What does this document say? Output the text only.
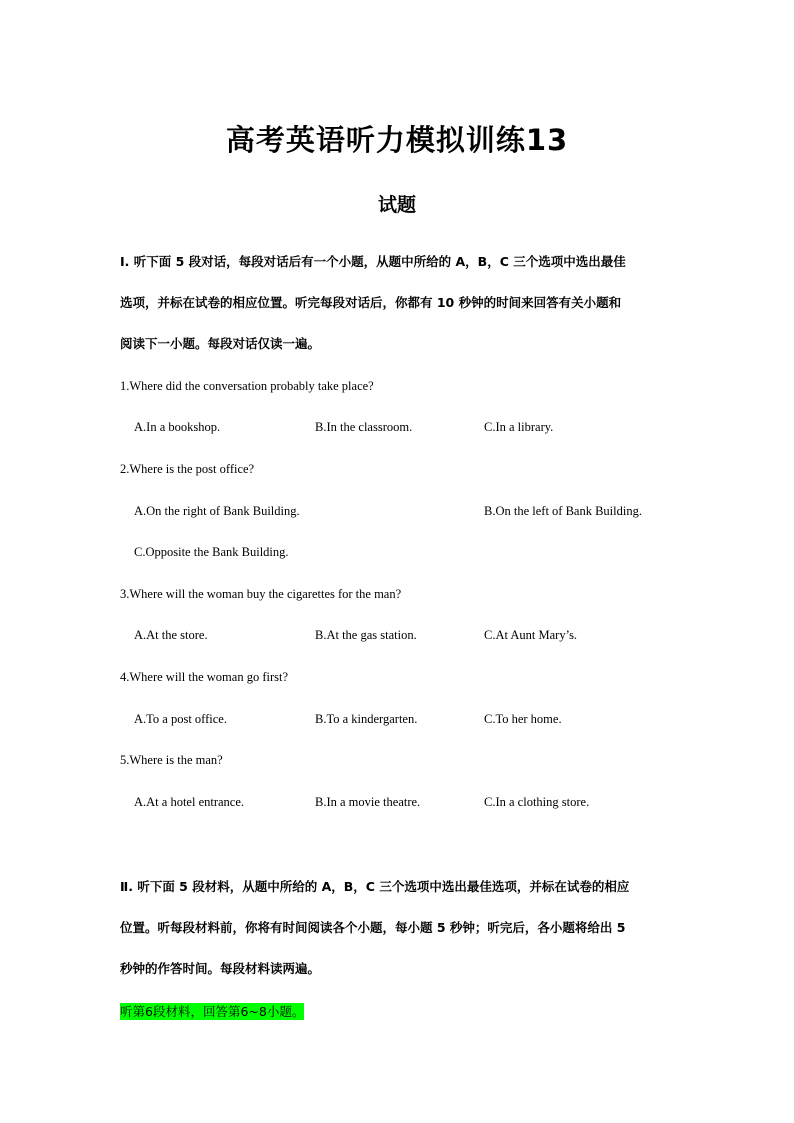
高考英语听力模拟训练13
试题
Ⅰ. 听下面 5 段对话，每段对话后有一个小题，从题中所给的 A，B，C 三个选项中选出最佳
选项，并标在试卷的相应位置。听完每段对话后，你都有 10 秒钟的时间来回答有关小题和
阅读下一小题。每段对话仅读一遍。
1.Where did the conversation probably take place?
A.In a bookshop.	B.In the classroom.	C.In a library.
2.Where is the post office?
A.On the right of Bank Building.	B.On the left of Bank Building.
C.Opposite the Bank Building.
3.Where will the woman buy the cigarettes for the man?
A.At the store.	B.At the gas station.	C.At Aunt Mary’s.
4.Where will the woman go first?
A.To a post office.	B.To a kindergarten.	C.To her home.
5.Where is the man?
A.At a hotel entrance.	B.In a movie theatre.	C.In a clothing store.
Ⅱ. 听下面 5 段材料，从题中所给的 A，B，C 三个选项中选出最佳选项，并标在试卷的相应
位置。听每段材料前，你将有时间阅读各个小题，每小题 5 秒钟；听完后，各小题将给出 5
秒钟的作答时间。每段材料读两遍。
听第6段材料，回答第6~8小题。
